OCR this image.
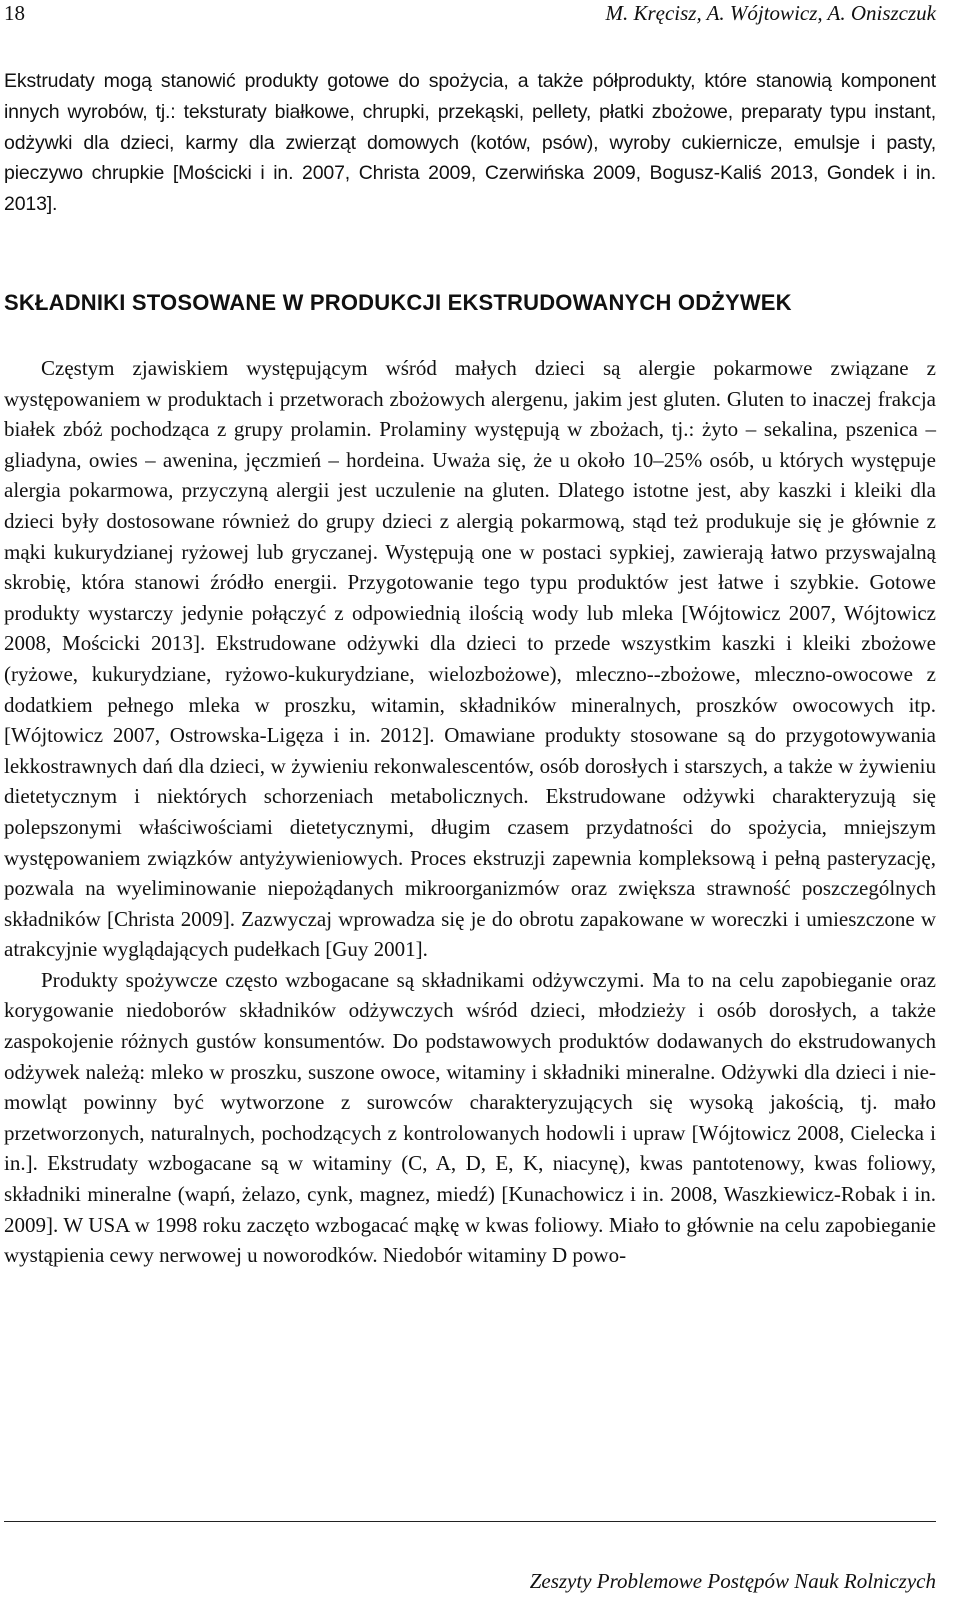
18	M. Kręcisz, A. Wójtowicz, A. Oniszczuk
Ekstrudaty mogą stanowić produkty gotowe do spożycia, a także półprodukty, które stanowią komponent innych wyrobów, tj.: teksturaty białkowe, chrupki, przekąski, pellety, płatki zbożowe, preparaty typu instant, odżywki dla dzieci, karmy dla zwierząt domowych (kotów, psów), wyroby cukiernicze, emulsje i pasty, pieczywo chrupkie [Mościcki i in. 2007, Christa 2009, Czerwińska 2009, Bogusz-Kaliś 2013, Gondek i in. 2013].
SKŁADNIKI STOSOWANE W PRODUKCJI EKSTRUDOWANYCH ODŻYWEK

Częstym zjawiskiem występującym wśród małych dzieci są alergie pokarmowe związane z występowaniem w produktach i przetworach zbożowych alergenu, jakim jest gluten. Gluten to inaczej frakcja białek zbóż pochodząca z grupy prolamin. Prolaminy występują w zbożach, tj.: żyto – sekalina, pszenica – gliadyna, owies – awenina, jęczmień – hordeina. Uważa się, że u około 10–25% osób, u których występuje alergia pokarmowa, przyczyną alergii jest uczulenie na gluten. Dlatego istotne jest, aby kaszki i kleiki dla dzieci były dostosowane również do grupy dzieci z alergią pokarmową, stąd też produkuje się je głównie z mąki kukurydzianej ryżowej lub gryczanej. Występują one w postaci sypkiej, zawierają łatwo przyswajalną skrobię, która stanowi źródło energii. Przygotowanie tego typu produktów jest łatwe i szybkie. Gotowe produkty wystarczy jedynie połączyć z odpowiednią ilością wody lub mleka [Wójtowicz 2007, Wójtowicz 2008, Mościcki 2013]. Ekstrudowane odżywki dla dzieci to przede wszystkim kaszki i kleiki zbożowe (ryżowe, kukurydziane, ryżowo-kukurydziane, wielozbożowe), mleczno--zbożowe, mleczno-owocowe z dodatkiem pełnego mleka w proszku, witamin, składników mineralnych, proszków owocowych itp. [Wójtowicz 2007, Ostrowska-Ligęza i in. 2012]. Omawiane produkty stosowane są do przygotowywania lekkostrawnych dań dla dzieci, w żywieniu rekonwalescentów, osób dorosłych i starszych, a także w żywieniu dietetycznym i niektórych schorzeniach metabolicznych. Ekstrudowane odżywki charakteryzują się polepszonymi właściwościami dietetycznymi, długim czasem przydatności do spożycia, mniejszym występowaniem związków antyżywieniowych. Proces ekstruzji zapewnia kompleksową i pełną pasteryzację, pozwala na wyeliminowanie niepożądanych mikroorganizmów oraz zwiększa strawność poszczególnych składników [Christa 2009]. Zazwyczaj wprowadza się je do obrotu zapakowane w woreczki i umieszczone w atrakcyjnie wyglądających pudełkach [Guy 2001].

Produkty spożywcze często wzbogacane są składnikami odżywczymi. Ma to na celu zapobieganie oraz korygowanie niedoborów składników odżywczych wśród dzieci, młodzieży i osób dorosłych, a także zaspokojenie różnych gustów konsumentów. Do podstawowych produktów dodawanych do ekstrudowanych odżywek należą: mleko w proszku, suszone owoce, witaminy i składniki mineralne. Odżywki dla dzieci i niemowląt powinny być wytworzone z surowców charakteryzujących się wysoką jakością, tj. mało przetworzonych, naturalnych, pochodzących z kontrolowanych hodowli i upraw [Wójtowicz 2008, Cielecka i in.]. Ekstrudaty wzbogacane są w witaminy (C, A, D, E, K, niacynę), kwas pantotenowy, kwas foliowy, składniki mineralne (wapń, żelazo, cynk, magnez, miedź) [Kunachowicz i in. 2008, Waszkiewicz-Robak i in. 2009]. W USA w 1998 roku zaczęto wzbogacać mąkę w kwas foliowy. Miało to głównie na celu zapobieganie wystąpienia cewy nerwowej u noworodków. Niedobór witaminy D powo-

Zeszyty Problemowe Postępów Nauk Rolniczych
